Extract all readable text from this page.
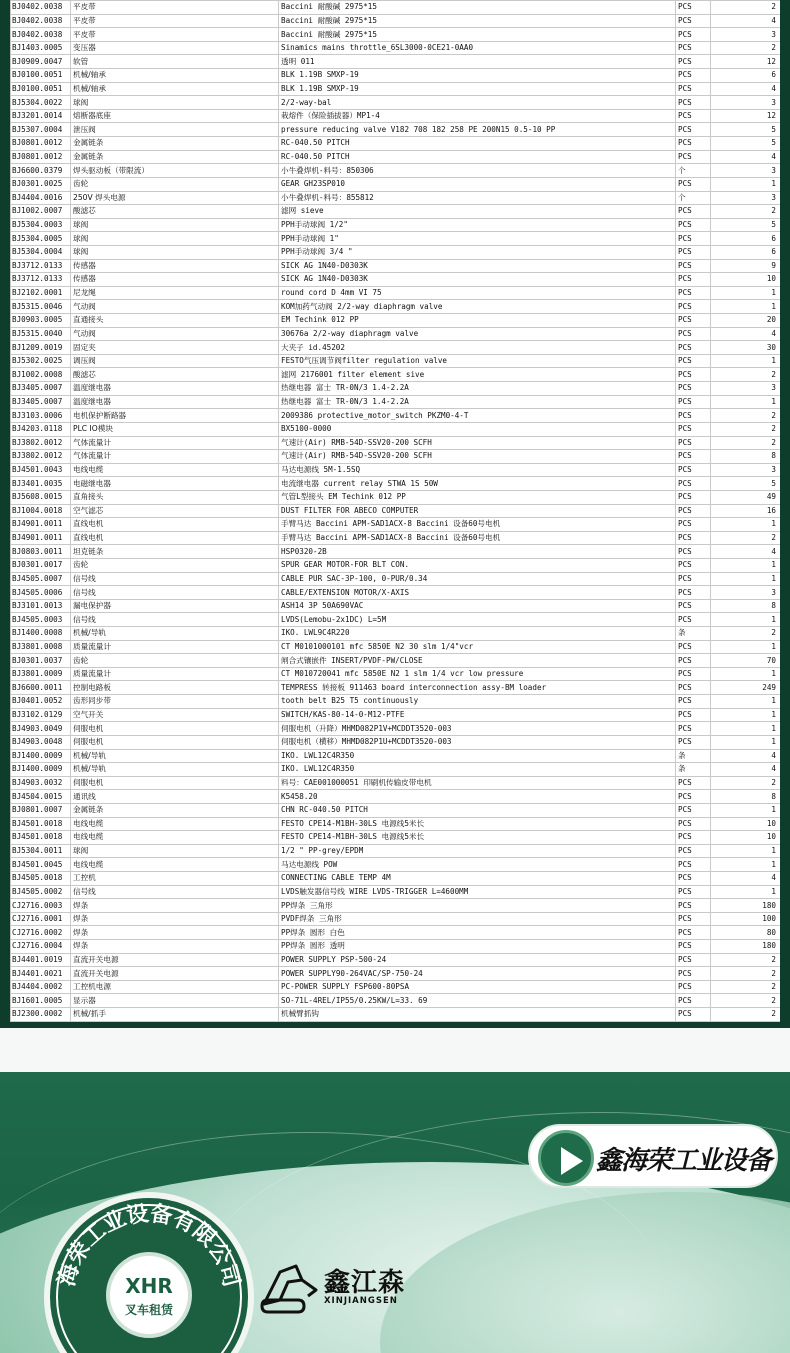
BJ0402.0038	平皮带	Baccini 耐酸碱 2975*15	PCS	2
BJ0402.0038	平皮带	Baccini 耐酸碱 2975*15	PCS	4
BJ0402.0038	平皮带	Baccini 耐酸碱 2975*15	PCS	3
BJ1403.0005	变压器	Sinamics mains throttle_6SL3000-0CE21-0AA0	PCS	2
BJ0909.0047	软管	透明 011	PCS	12
BJ0100.0051	机械/轴承	BLK 1.19B SMXP-19	PCS	6
BJ0100.0051	机械/轴承	BLK 1.19B SMXP-19	PCS	4
BJ5304.0022	球阀	2/2-way-bal	PCS	3
BJ3201.0014	熔断器底座	栽熔件（保险插拔器）MP1-4	PCS	12
BJ5307.0004	泄压阀	pressure reducing valve V182 708 182 258 PE 200N15 0.5-10 PP	PCS	5
BJ0801.0012	金属链条	RC-040.50 PITCH	PCS	5
BJ0801.0012	金属链条	RC-040.50 PITCH	PCS	4
BJ6600.0379	焊头驱动板（带限流）	小牛叠焊机-料号：850306	个	3
BJ0301.0025	齿轮	GEAR GH23SP010	PCS	1
BJ4404.0016	250V 焊头电源	小牛叠焊机-料号：855812	个	3
BJ1002.0007	酸滤芯	滤网 sieve	PCS	2
BJ5304.0003	球阀	PPH手动球阀 1/2"	PCS	5
BJ5304.0005	球阀	PPH手动球阀 1"	PCS	6
BJ5304.0004	球阀	PPH手动球阀 3/4 "	PCS	6
BJ3712.0133	传感器	SICK AG 1N40-D0303K	PCS	9
BJ3712.0133	传感器	SICK AG 1N40-D0303K	PCS	10
BJ2102.0001	尼龙绳	round cord D 4mm VI 75	PCS	1
BJ5315.0046	气动阀	KOM加药气动阀 2/2-way diaphragm valve	PCS	1
BJ0903.0005	直通接头	EM Techink 012 PP	PCS	20
BJ5315.0040	气动阀	30676a 2/2-way diaphragm valve	PCS	4
BJ1209.0019	固定夹	大夹子 id.45202	PCS	30
BJ5302.0025	调压阀	FESTO气压调节阀filter regulation valve	PCS	1
BJ1002.0008	酸滤芯	滤网 2176001 filter element sive	PCS	2
BJ3405.0007	温度继电器	热继电器 富士 TR-0N/3 1.4-2.2A	PCS	3
BJ3405.0007	温度继电器	热继电器 富士 TR-0N/3 1.4-2.2A	PCS	1
BJ3103.0006	电机保护断路器	2009386 protective_motor_switch PKZM0-4-T	PCS	2
BJ4203.0118	PLC IO模块	BX5100-0000	PCS	2
BJ3802.0012	气体流量计	气速计(Air) RMB-54D-SSV20-200 SCFH	PCS	2
BJ3802.0012	气体流量计	气速计(Air) RMB-54D-SSV20-200 SCFH	PCS	8
BJ4501.0043	电线电缆	马达电源线 5M-1.5SQ	PCS	3
BJ3401.0035	电磁继电器	电流继电器 current relay STWA 1S 50W	PCS	5
BJ5608.0015	直角接头	气管L型接头 EM Techink 012 PP	PCS	49
BJ1004.0018	空气滤芯	DUST FILTER FOR ABECO COMPUTER	PCS	16
BJ4901.0011	直线电机	手臂马达 Baccini APM-SAD1ACX-8 Baccini 设备60号电机	PCS	1
BJ4901.0011	直线电机	手臂马达 Baccini APM-SAD1ACX-8 Baccini 设备60号电机	PCS	2
BJ0803.0011	坦克链条	HSP0320-2B	PCS	4
BJ0301.0017	齿轮	SPUR GEAR MOTOR-FOR BLT CON.	PCS	1
BJ4505.0007	信号线	CABLE PUR SAC-3P-100, 0-PUR/0.34	PCS	1
BJ4505.0006	信号线	CABLE/EXTENSION MOTOR/X-AXIS	PCS	3
BJ3101.0013	漏电保护器	ASH14 3P 50A690VAC	PCS	8
BJ4505.0003	信号线	LVDS(Lemobu-2x1DC) L=5M	PCS	1
BJ1400.0008	机械/导轨	IKO. LWL9C4R220	条	2
BJ3801.0008	质量流量计	CT M0101000101 mfc 5850E N2 30 slm 1/4"vcr	PCS	1
BJ0301.0037	齿轮	闸合式镶嵌件 INSERT/PVDF-PW/CLOSE	PCS	70
BJ3801.0009	质量流量计	CT M010720041 mfc 5850E N2 1 slm 1/4 vcr low pressure	PCS	1
BJ6600.0011	控制电路板	TEMPRESS 转接板 911463 board interconnection assy-BM loader	PCS	249
BJ0401.0052	齿形同步带	tooth belt B25 T5 continuously	PCS	1
BJ3102.0129	空气开关	SWITCH/KAS-80-14-0-M12-PTFE	PCS	1
BJ4903.0049	伺服电机	伺服电机（升降）MHMD082P1V+MCDDT3520-003	PCS	1
BJ4903.0048	伺服电机	伺服电机（横移）MHMD082P1U+MCDDT3520-003	PCS	1
BJ1400.0009	机械/导轨	IKO. LWL12C4R350	条	4
BJ1400.0009	机械/导轨	IKO. LWL12C4R350	条	4
BJ4903.0032	伺服电机	料号：CAE001000051 印刷机传输皮带电机	PCS	2
BJ4504.0015	通讯线	K5458.20	PCS	8
BJ0801.0007	金属链条	CHN RC-040.50 PITCH	PCS	1
BJ4501.0018	电线电缆	FESTO CPE14-M1BH-30LS 电源线5米长	PCS	10
BJ4501.0018	电线电缆	FESTO CPE14-M1BH-30LS 电源线5米长	PCS	10
BJ5304.0011	球阀	1/2 " PP-grey/EPDM	PCS	1
BJ4501.0045	电线电缆	马达电源线 POW	PCS	1
BJ4505.0018	工控机	CONNECTING CABLE TEMP 4M	PCS	4
BJ4505.0002	信号线	LVDS触发器信号线 WIRE LVDS-TRIGGER L=4600MM	PCS	1
CJ2716.0003	焊条	PP焊条 三角形	PCS	180
CJ2716.0001	焊条	PVDF焊条 三角形	PCS	100
CJ2716.0002	焊条	PP焊条 圆形 白色	PCS	80
CJ2716.0004	焊条	PP焊条 圆形 透明	PCS	180
BJ4401.0019	直流开关电源	POWER SUPPLY PSP-500-24	PCS	2
BJ4401.0021	直流开关电源	POWER SUPPLY90-264VAC/SP-750-24	PCS	2
BJ4404.0002	工控机电源	PC-POWER SUPPLY FSP600-80PSA	PCS	2
BJ1601.0005	显示器	SO-71L-4REL/IP55/0.25KW/L=33. 69	PCS	2
BJ2300.0002	机械/抓手	机械臂抓钩	PCS	2
鑫海荣工业设备
海荣工业设备有限公司
XHR
叉车租赁
鑫江森
XINJIANGSEN
